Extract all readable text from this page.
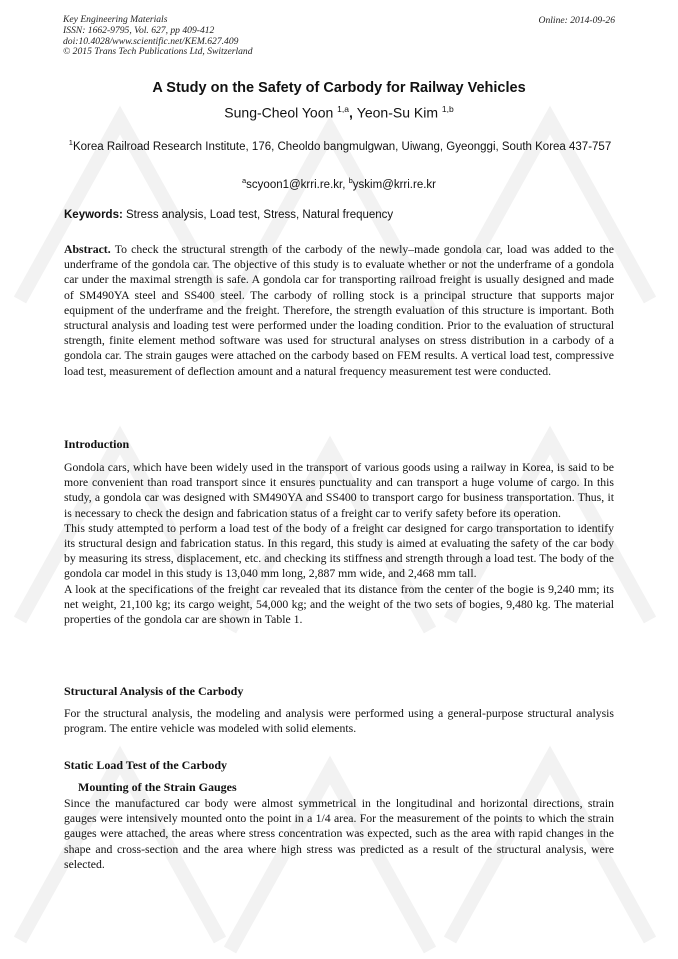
Key Engineering Materials
ISSN: 1662-9795, Vol. 627, pp 409-412
doi:10.4028/www.scientific.net/KEM.627.409
© 2015 Trans Tech Publications Ltd, Switzerland
Online: 2014-09-26
A Study on the Safety of Carbody for Railway Vehicles
Sung-Cheol Yoon $^{1,a}$, Yeon-Su Kim $^{1,b}$
$^1$Korea Railroad Research Institute, 176, Cheoldo bangmulgwan, Uiwang, Gyeonggi, South Korea 437-757
$^a$scyoon1@krri.re.kr, $^b$yskim@krri.re.kr
Keywords: Stress analysis, Load test, Stress, Natural frequency

Abstract. To check the structural strength of the carbody of the newly–made gondola car, load was added to the underframe of the gondola car. The objective of this study is to evaluate whether or not the underframe of a gondola car under the maximal strength is safe. A gondola car for transporting railroad freight is usually designed and made of SM490YA steel and SS400 steel. The carbody of rolling stock is a principal structure that supports major equipment of the underframe and the freight. Therefore, the strength evaluation of this structure is important. Both structural analysis and loading test were performed under the loading condition. Prior to the evaluation of structural strength, finite element method software was used for structural analyses on stress distribution in a carbody of a gondola car. The strain gauges were attached on the carbody based on FEM results. A vertical load test, compressive load test, measurement of deflection amount and a natural frequency measurement test were conducted.

Introduction

Gondola cars, which have been widely used in the transport of various goods using a railway in Korea, is said to be more convenient than road transport since it ensures punctuality and can transport a huge volume of cargo. In this study, a gondola car was designed with SM490YA and SS400 to transport cargo for business transportation. Thus, it is necessary to check the design and fabrication status of a freight car to verify safety before its operation.

This study attempted to perform a load test of the body of a freight car designed for cargo transportation to identify its structural design and fabrication status. In this regard, this study is aimed at evaluating the safety of the car body by measuring its stress, displacement, etc. and checking its stiffness and strength through a load test. The body of the gondola car model in this study is 13,040 mm long, 2,887 mm wide, and 2,468 mm tall.

A look at the specifications of the freight car revealed that its distance from the center of the bogie is 9,240 mm; its net weight, 21,100 kg; its cargo weight, 54,000 kg; and the weight of the two sets of bogies, 9,480 kg. The material properties of the gondola car are shown in Table 1.

Structural Analysis of the Carbody

For the structural analysis, the modeling and analysis were performed using a general-purpose structural analysis program. The entire vehicle was modeled with solid elements.

Static Load Test of the Carbody
Mounting of the Strain Gauges

Since the manufactured car body were almost symmetrical in the longitudinal and horizontal directions, strain gauges were intensively mounted onto the point in a 1/4 area. For the measurement of the points to which the strain gauges were attached, the areas where stress concentration was expected, such as the area with rapid changes in the shape and cross-section and the area where high stress was predicted as a result of the structural analysis, were selected.
